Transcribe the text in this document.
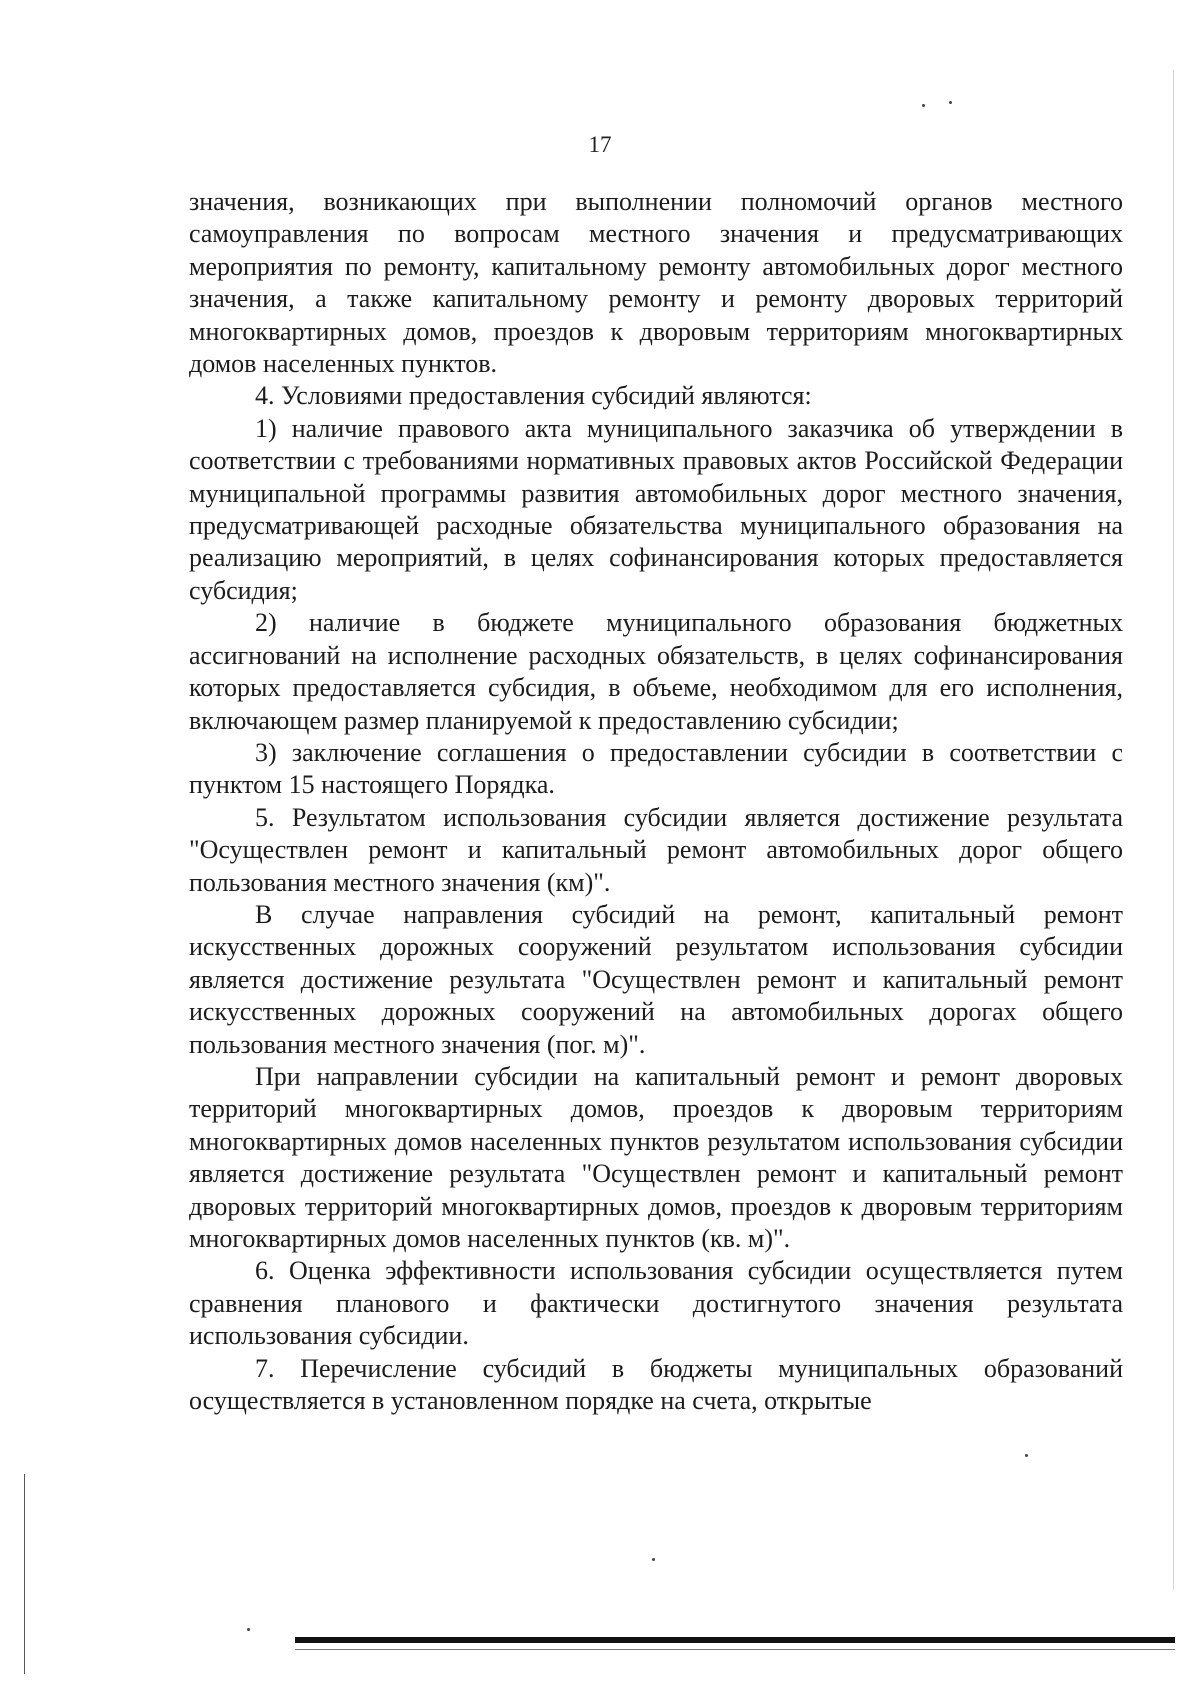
17

значения, возникающих при выполнении полномочий органов местного самоуправления по вопросам местного значения и предусматривающих мероприятия по ремонту, капитальному ремонту автомобильных дорог местного значения, а также капитальному ремонту и ремонту дворовых территорий многоквартирных домов, проездов к дворовым территориям многоквартирных домов населенных пунктов.

4. Условиями предоставления субсидий являются:

1) наличие правового акта муниципального заказчика об утверждении в соответствии с требованиями нормативных правовых актов Российской Федерации муниципальной программы развития автомобильных дорог местного значения, предусматривающей расходные обязательства муниципального образования на реализацию мероприятий, в целях софинансирования которых предоставляется субсидия;

2) наличие в бюджете муниципального образования бюджетных ассигнований на исполнение расходных обязательств, в целях софинансирования которых предоставляется субсидия, в объеме, необходимом для его исполнения, включающем размер планируемой к предоставлению субсидии;

3) заключение соглашения о предоставлении субсидии в соответствии с пунктом 15 настоящего Порядка.

5. Результатом использования субсидии является достижение результата "Осуществлен ремонт и капитальный ремонт автомобильных дорог общего пользования местного значения (км)".

В случае направления субсидий на ремонт, капитальный ремонт искусственных дорожных сооружений результатом использования субсидии является достижение результата "Осуществлен ремонт и капитальный ремонт искусственных дорожных сооружений на автомобильных дорогах общего пользования местного значения (пог. м)".

При направлении субсидии на капитальный ремонт и ремонт дворовых территорий многоквартирных домов, проездов к дворовым территориям многоквартирных домов населенных пунктов результатом использования субсидии является достижение результата "Осуществлен ремонт и капитальный ремонт дворовых территорий многоквартирных домов, проездов к дворовым территориям многоквартирных домов населенных пунктов (кв. м)".

6. Оценка эффективности использования субсидии осуществляется путем сравнения планового и фактически достигнутого значения результата использования субсидии.

7. Перечисление субсидий в бюджеты муниципальных образований осуществляется в установленном порядке на счета, открытые
